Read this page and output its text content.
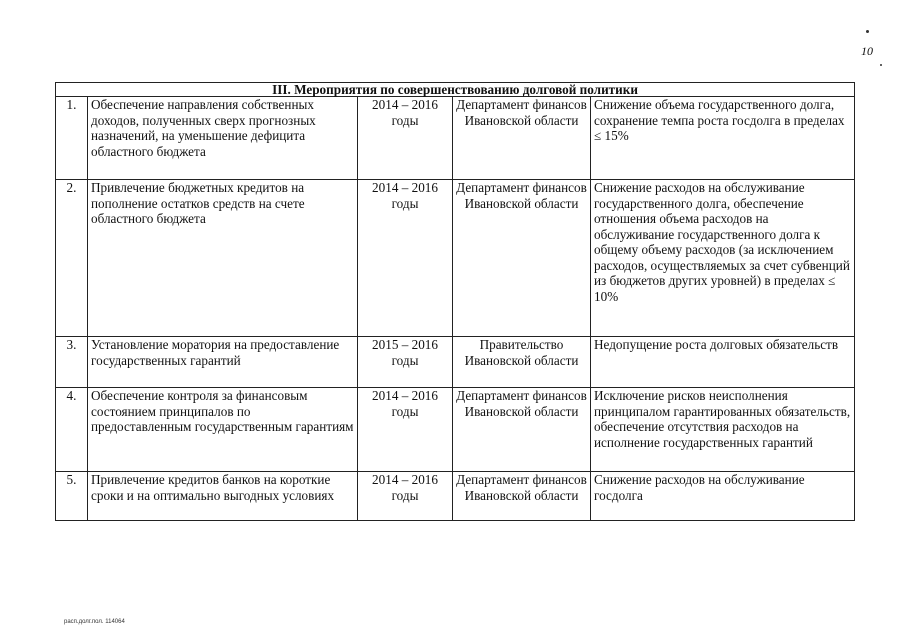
10
III. Мероприятия по совершенствованию долговой политики				
1.	Обеспечение направления собственных доходов, полученных сверх прогнозных назначений, на уменьшение дефицита областного бюджета	2014 – 2016 годы	Департамент финансов Ивановской области	Снижение объема государственного долга, сохранение темпа роста госдолга в пределах ≤ 15%
2.	Привлечение бюджетных кредитов на пополнение остатков средств на счете областного бюджета	2014 – 2016 годы	Департамент финансов Ивановской области	Снижение расходов на обслуживание государственного долга, обеспечение отношения объема расходов на обслуживание государственного долга к общему объему расходов (за исключением расходов, осуществляемых за счет субвенций из бюджетов других уровней) в пределах ≤ 10%
3.	Установление моратория на предоставление государственных гарантий	2015 – 2016 годы	Правительство Ивановской области	Недопущение роста долговых обязательств
4.	Обеспечение контроля за финансовым состоянием принципалов по предоставленным государственным гарантиям	2014 – 2016 годы	Департамент финансов Ивановской области	Исключение рисков неисполнения принципалом гарантированных обязательств, обеспечение отсутствия расходов на исполнение государственных гарантий
5.	Привлечение кредитов банков на короткие сроки и на оптимально выгодных условиях	2014 – 2016 годы	Департамент финансов Ивановской области	Снижение расходов на обслуживание госдолга
расп.долг.пол. 114064
